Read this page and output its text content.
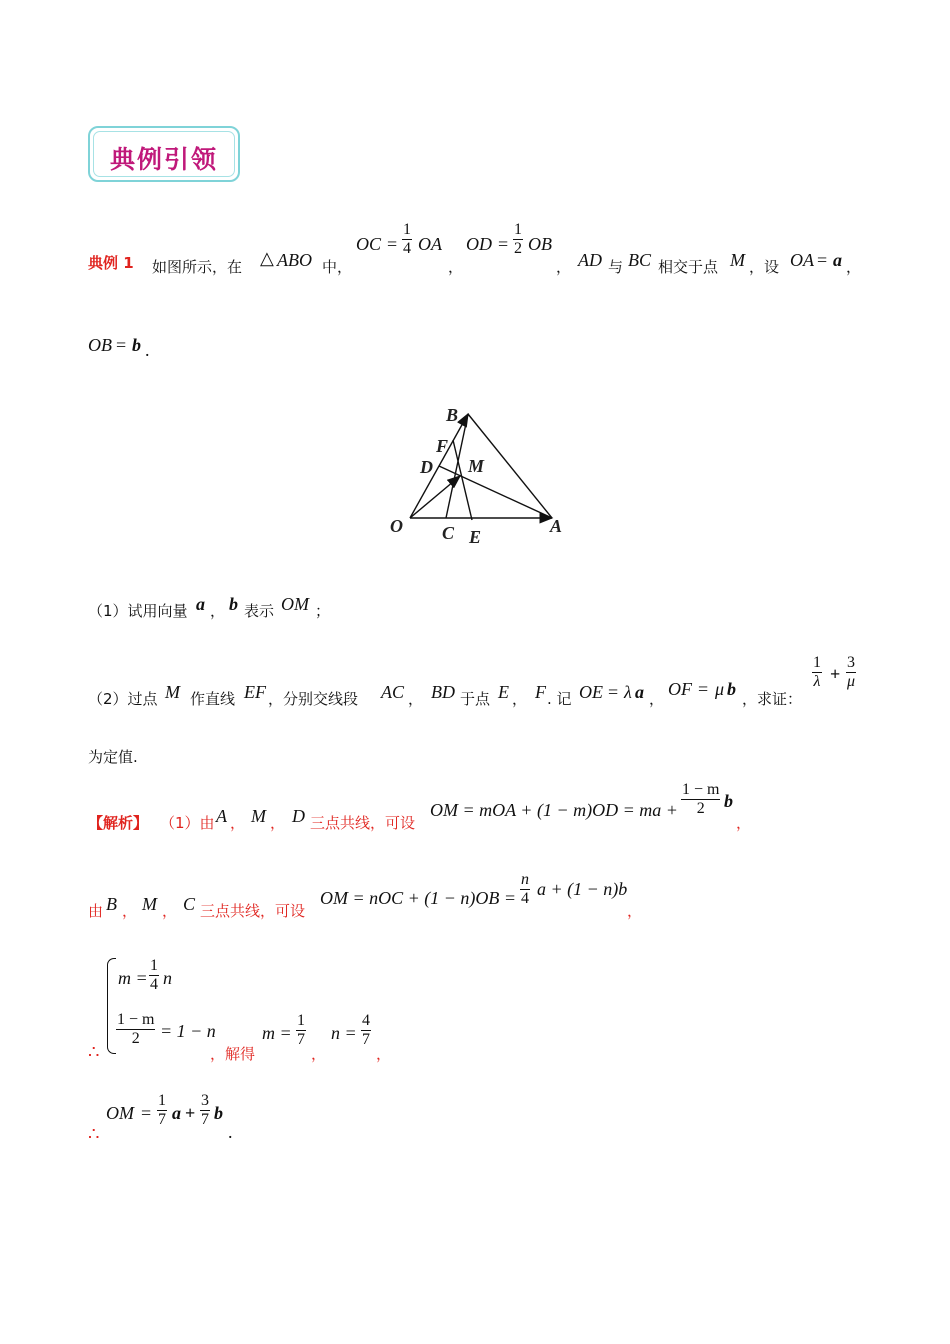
典例引领
典例 1 如图所示，在 △ ABO 中，
OC = $\frac{1}{4}$ OA
，
OD = $\frac{1}{2}$ OB
， AD 与 BC 相交于点 M ，设 OA = a ，
OB = b .
B
F
D M
O C E
A
（1）试用向量 a ， b 表示 OM ；
（2）过点 M 作直线 EF ，分别交线段 AC ， BD 于点 E ， F . 记 OE = λ a ， OF = μ b ，求证：
$\frac{1}{\lambda} + \frac{3}{\mu}$
为定值.
【解析】 （1）由 A ， M ， D 三点共线，可设
OM = mOA + (1 − m)OD = ma + $\frac{1 - m}{2}$ b
，
由 B ， M ， C 三点共线，可设
OM = nOC + $(1 - n)OB = \frac{n}{4}$ a + (1 − n)b
，
$m = \frac{1}{4}$ n
$\frac{1 - m}{2} = 1 - n$
∴	，解得
$m = \frac{1}{7}$
，
$n = \frac{4}{7}$
，
OM = $\frac{1}{7}$ $a + \frac{3}{7}$ b
.
∴
